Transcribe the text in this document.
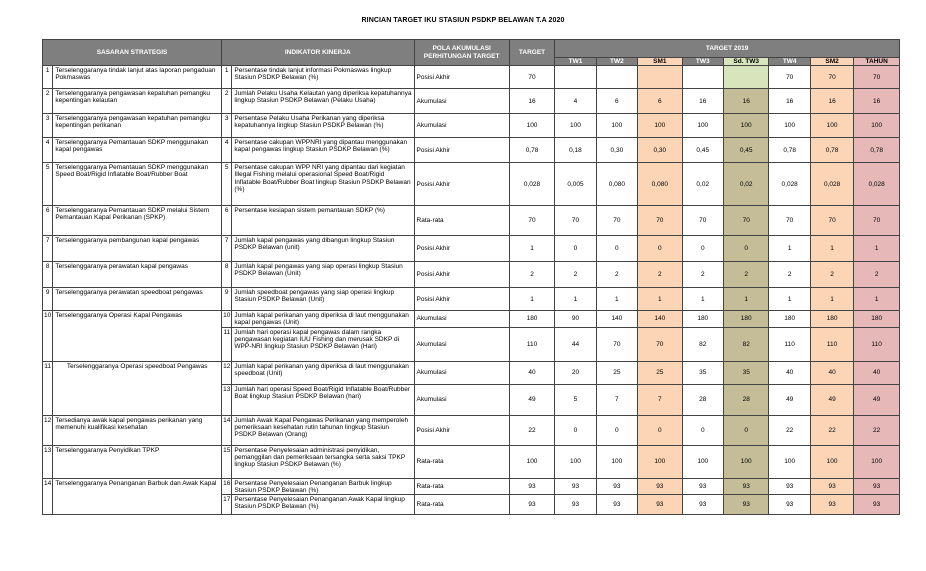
RINCIAN TARGET IKU STASIUN PSDKP BELAWAN T.A 2020
SASARAN STRATEGIS		INDIKATOR KINERJA		POLA AKUMULASI PERHITUNGAN TARGET	TARGET	TARGET 2019							
						TW1	TW2	SM1	TW3	Sd. TW3	TW4	SM2	TAHUN
1	Terselenggaranya tindak lanjut atas laporan pengaduan Pokmaswas	1	Persentase tindak lanjut informasi Pokmaswas lingkup Stasiun PSDKP Belawan (%)	Posisi Akhir	70						70	70	70
2	Terselenggaranya pengawasan kepatuhan pemangku kepentingan kelautan	2	Jumlah Pelaku Usaha Kelautan yang diperiksa kepatuhannya lingkup Stasiun PSDKP Belawan (Pelaku Usaha)	Akumulasi	16	4	6	6	16	16	16	16	16
3	Terselenggaranya pengawasan kepatuhan pemangku kepentingan perikanan	3	Persentase Pelaku Usaha Perikanan yang diperiksa kepatuhannya lingkup Stasiun PSDKP Belawan (%)	Akumulasi	100	100	100	100	100	100	100	100	100
4	Terselenggaranya Pemantauan SDKP menggunakan kapal pengawas	4	Persentase cakupan WPPNRI yang dipantau menggunakan kapal pengawas lingkup Stasiun PSDKP Belawan (%)	Posisi Akhir	0,78	0,18	0,30	0,30	0,45	0,45	0,78	0,78	0,78
5	Terselenggaranya Pemantauan SDKP menggunakan Speed Boat/Rigid Inflatable Boat/Rubber Boat	5	Persentase cakupan WPP NRI yang dipantau dari kegiatan Illegal Fishing melalui operasional Speed Boat/Rigid Inflatable Boat/Rubber Boat lingkup Stasiun PSDKP Belawan (%)	Posisi Akhir	0,028	0,005	0,080	0,080	0,02	0,02	0,028	0,028	0,028
6	Terselenggaranya Pemantauan SDKP melalui Sistem Pemantauan Kapal Perikanan (SPKP)	6	Persentase kesiapan sistem pemantauan SDKP (%)	Rata-rata	70	70	70	70	70	70	70	70	70
7	Terselenggaranya pembangunan kapal pengawas	7	Jumlah kapal pengawas yang dibangun lingkup Stasiun PSDKP Belawan (unit)	Posisi Akhir	1	0	0	0	0	0	1	1	1
8	Terselenggaranya perawatan kapal pengawas	8	Jumlah kapal pengawas yang siap operasi lingkup Stasiun PSDKP Belawan (Unit)	Posisi Akhir	2	2	2	2	2	2	2	2	2
9	Terselenggaranya perawatan speedboat pengawas	9	Jumlah speedboat pengawas yang siap operasi lingkup Stasiun PSDKP Belawan (Unit)	Posisi Akhir	1	1	1	1	1	1	1	1	1
10	Terselenggaranya Operasi Kapal Pengawas	10	Jumlah kapal perikanan yang diperiksa di laut menggunakan kapal pengawas (Unit)	Akumulasi	180	90	140	140	180	180	180	180	180
		11	Jumlah hari operasi kapal pengawas dalam rangka pengawasan kegiatan IUU Fishing dan merusak SDKP di WPP-NRI lingkup Stasiun PSDKP Belawan (Hari)	Akumulasi	110	44	70	70	82	82	110	110	110
11	Terselenggaranya Operasi speedboat Pengawas	12	Jumlah kapal perikanan yang diperiksa di laut menggunakan speedboat (Unit)	Akumulasi	40	20	25	25	35	35	40	40	40
		13	Jumlah hari operasi Speed Boat/Rigid Inflatable Boat/Rubber Boat lingkup Stasiun PSDKP Belawan (hari)	Akumulasi	49	5	7	7	28	28	49	49	49
12	Tersedianya awak kapal pengawas perikanan yang memenuhi kualifikasi kesehatan	14	Jumlah Awak Kapal Pengawas Perikanan yang memperoleh pemeriksaan kesehatan rutin tahunan lingkup Stasiun PSDKP Belawan (Orang)	Posisi Akhir	22	0	0	0	0	0	22	22	22
13	Terselenggaranya Penyidikan TPKP	15	Persentase Penyelesaian administrasi penyidikan, pemanggilan dan pemeriksaan tersangka serta saksi TPKP lingkup Stasiun PSDKP Belawan (%)	Rata-rata	100	100	100	100	100	100	100	100	100
14	Terselenggaranya Penanganan Barbuk dan Awak Kapal	16	Persentase Penyelesaian Penanganan Barbuk lingkup Stasiun PSDKP Belawan (%)	Rata-rata	93	93	93	93	93	93	93	93	93
		17	Persentase Penyelesaian Penanganan Awak Kapal lingkup Stasiun PSDKP Belawan (%)	Rata-rata	93	93	93	93	93	93	93	93	93
